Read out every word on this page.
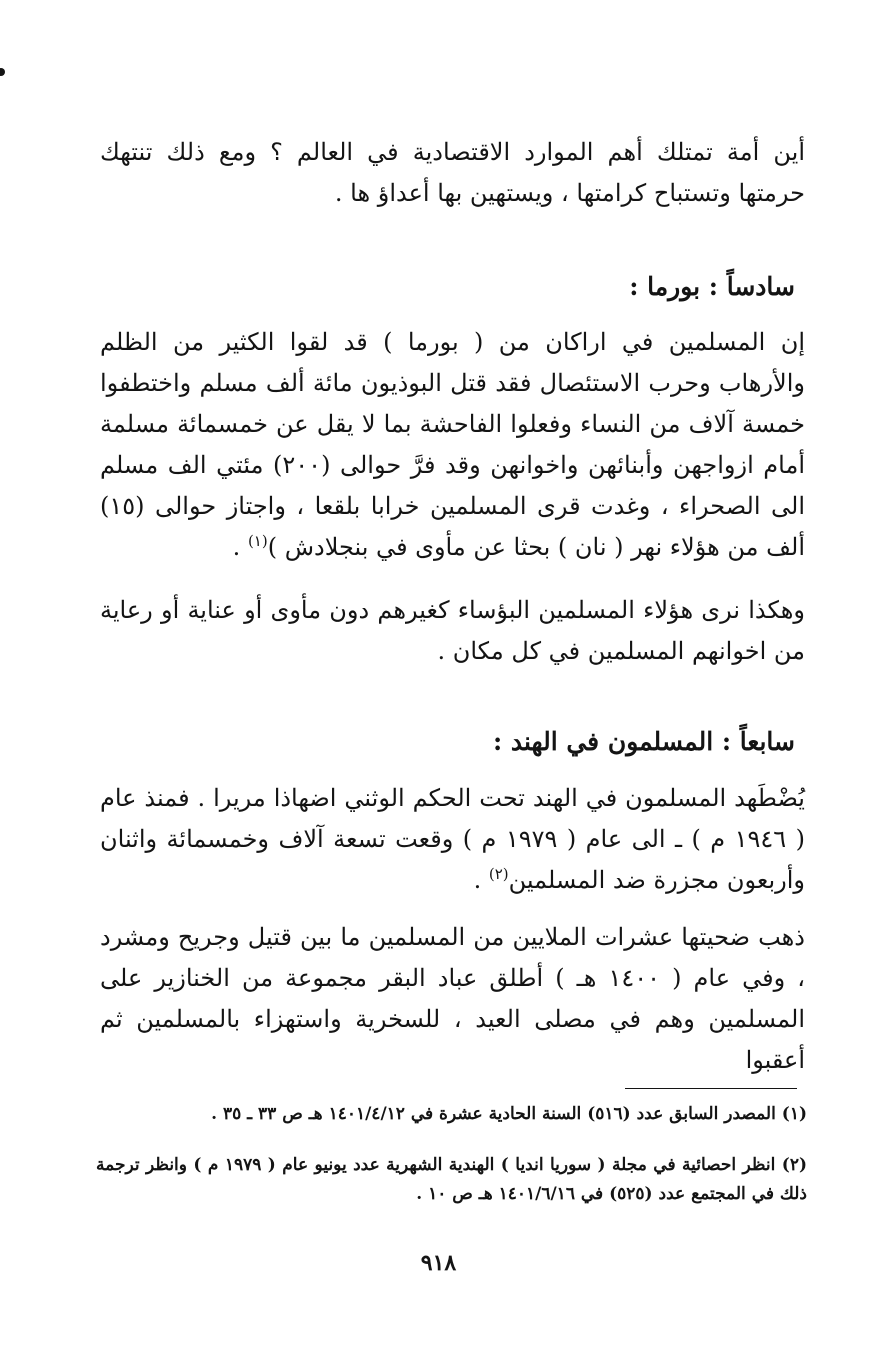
أين أمة تمتلك أهم الموارد الاقتصادية في العالم ؟ ومع ذلك تنتهك حرمتها وتستباح كرامتها ، ويستهين بها أعداؤ ها .

سادساً : بورما :

إن المسلمين في اراكان من ( بورما ) قد لقوا الكثير من الظلم والأرهاب وحرب الاستئصال فقد قتل البوذيون مائة ألف مسلم واختطفوا خمسة آلاف من النساء وفعلوا الفاحشة بما لا يقل عن خمسمائة مسلمة أمام ازواجهن وأبنائهن واخوانهن وقد فرَّ حوالى (٢٠٠) مئتي الف مسلم الى الصحراء ، وغدت قرى المسلمين خرابا بلقعا ، واجتاز حوالى (١٥) ألف من هؤلاء نهر ( نان ) بحثا عن مأوى في بنجلادش )$^{(١)}$ .

وهكذا نرى هؤلاء المسلمين البؤساء كغيرهم دون مأوى أو عناية أو رعاية من اخوانهم المسلمين في كل مكان .

سابعاً : المسلمون في الهند :

يُضْطَهد المسلمون في الهند تحت الحكم الوثني اضهاذا مريرا . فمنذ عام ( ١٩٤٦ م ) ـ الى عام ( ١٩٧٩ م ) وقعت تسعة آلاف وخمسمائة واثنان وأربعون مجزرة ضد المسلمين$^{(٢)}$ .

ذهب ضحيتها عشرات الملايين من المسلمين ما بين قتيل وجريح ومشرد ، وفي عام ( ١٤٠٠ هـ ) أطلق عباد البقر مجموعة من الخنازير على المسلمين وهم في مصلى العيد ، للسخرية واستهزاء بالمسلمين ثم أعقبوا

(١) المصدر السابق عدد (٥١٦) السنة الحادية عشرة في ١٤٠١/٤/١٢ هـ ص ٣٣ ـ ٣٥ .

(٢) انظر احصائية في مجلة ( سوريا انديا ) الهندية الشهرية عدد يونيو عام ( ١٩٧٩ م ) وانظر ترجمة ذلك في المجتمع عدد (٥٢٥) في ١٤٠١/٦/١٦ هـ ص ١٠ .

٩١٨
